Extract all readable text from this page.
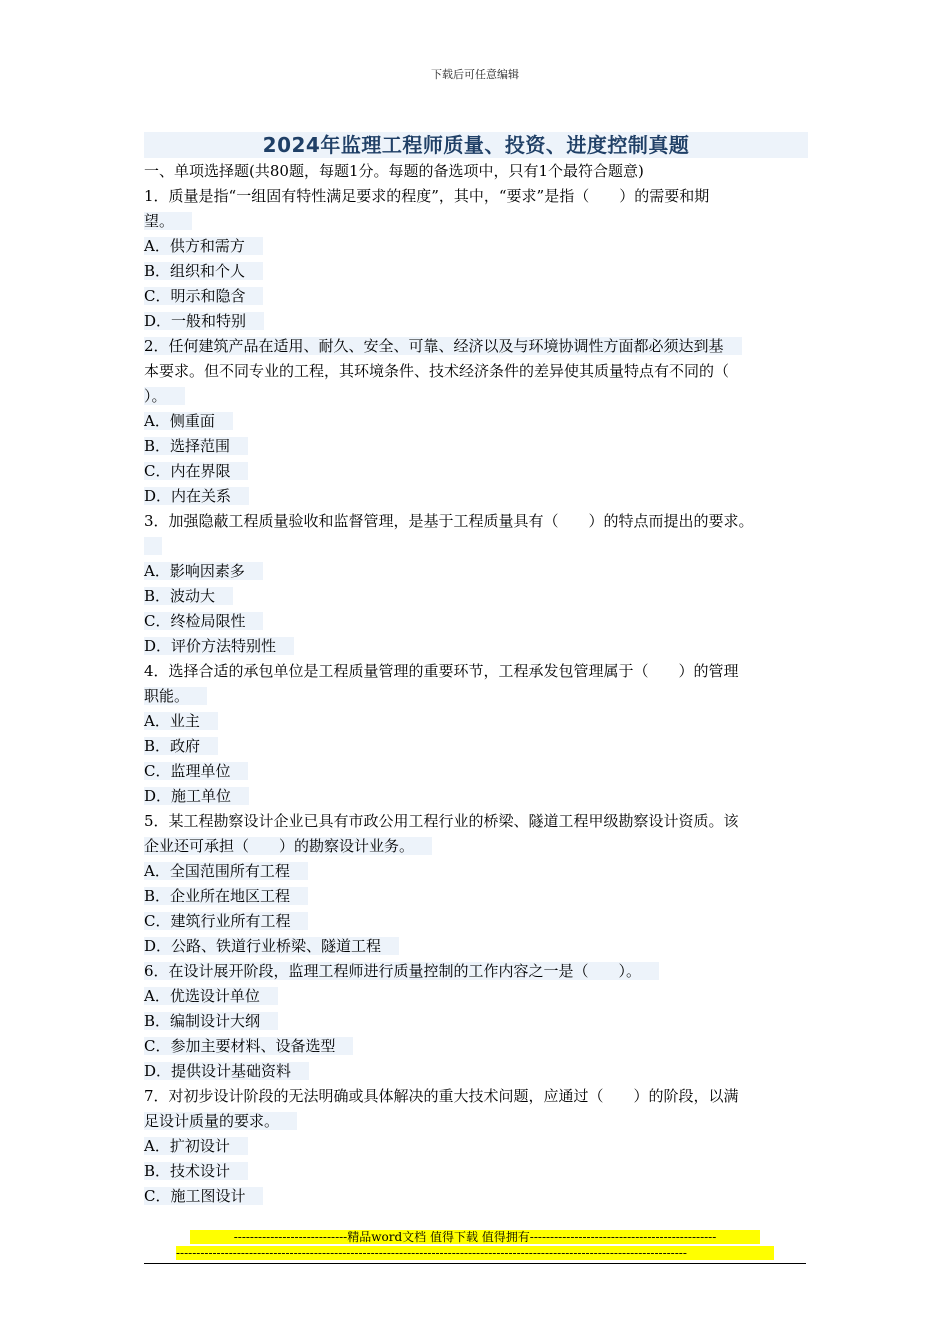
下载后可任意编辑
2024年监理工程师质量、投资、进度控制真题
一、单项选择题(共80题，每题1分。每题的备选项中，只有1个最符合题意)
1．质量是指“一组固有特性满足要求的程度”，其中，“要求”是指（　　）的需要和期
望。
A．供方和需方
B．组织和个人
C．明示和隐含
D．一般和特别
2．任何建筑产品在适用、耐久、安全、可靠、经济以及与环境协调性方面都必须达到基
本要求。但不同专业的工程，其环境条件、技术经济条件的差异使其质量特点有不同的（
）。
A．侧重面
B．选择范围
C．内在界限
D．内在关系
3．加强隐蔽工程质量验收和监督管理，是基于工程质量具有（　　）的特点而提出的要求。
A．影响因素多
B．波动大
C．终检局限性
D．评价方法特别性
4．选择合适的承包单位是工程质量管理的重要环节，工程承发包管理属于（　　）的管理
职能。
A．业主
B．政府
C．监理单位
D．施工单位
5．某工程勘察设计企业已具有市政公用工程行业的桥梁、隧道工程甲级勘察设计资质。该
企业还可承担（　　）的勘察设计业务。
A．全国范围所有工程
B．企业所在地区工程
C．建筑行业所有工程
D．公路、铁道行业桥梁、隧道工程
6．在设计展开阶段，监理工程师进行质量控制的工作内容之一是（　　）。
A．优选设计单位
B．编制设计大纲
C．参加主要材料、设备选型
D．提供设计基础资料
7．对初步设计阶段的无法明确或具体解决的重大技术问题，应通过（　　）的阶段，以满
足设计质量的要求。
A．扩初设计
B．技术设计
C．施工图设计
----------------------------精品word文档 值得下载 值得拥有----------------------------------------------
------------------------------------------------------------------------------------------------------------------------------
